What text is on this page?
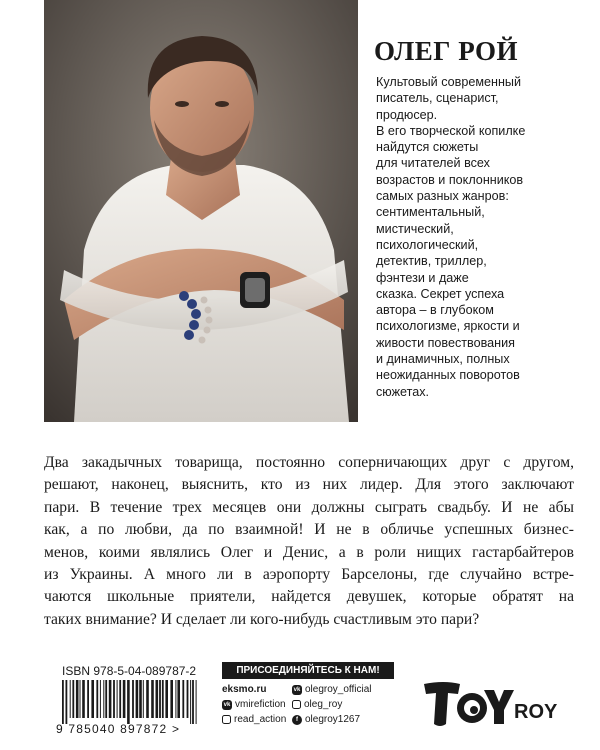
ОЛЕГ РОЙ
Культовый современный
писатель, сценарист,
продюсер.
В его творческой копилке
найдутся сюжеты
для читателей всех
возрастов и поклонников
самых разных жанров:
сентиментальный,
мистический,
психологический,
детектив, триллер,
фэнтези и даже
сказка. Секрет успеха
автора – в глубоком
психологизме, яркости и
живости повествования
и динамичных, полных
неожиданных поворотов
сюжетах.
Два закадычных товарища, постоянно соперничающих друг с другом,
решают, наконец, выяснить, кто из них лидер. Для этого заключают
пари. В течение трех месяцев они должны сыграть свадьбу. И не абы
как, а по любви, да по взаимной! И не в обличье успешных бизнес-
менов, коими являлись Олег и Денис, а в роли нищих гастарбайтеров
из Украины. А много ли в аэропорту Барселоны, где случайно встре-
чаются школьные приятели, найдется девушек, которые обратят на
таких внимание? И сделает ли кого-нибудь счастливым это пари?
ISBN 978-5-04-089787-2
9 785040 897872 >
ПРИСОЕДИНЯЙТЕСЬ К НАМ!
eksmo.ru	vk olegroy_official
vk vmirefiction oleg_roy
read_action	f olegroy1267	ROY
